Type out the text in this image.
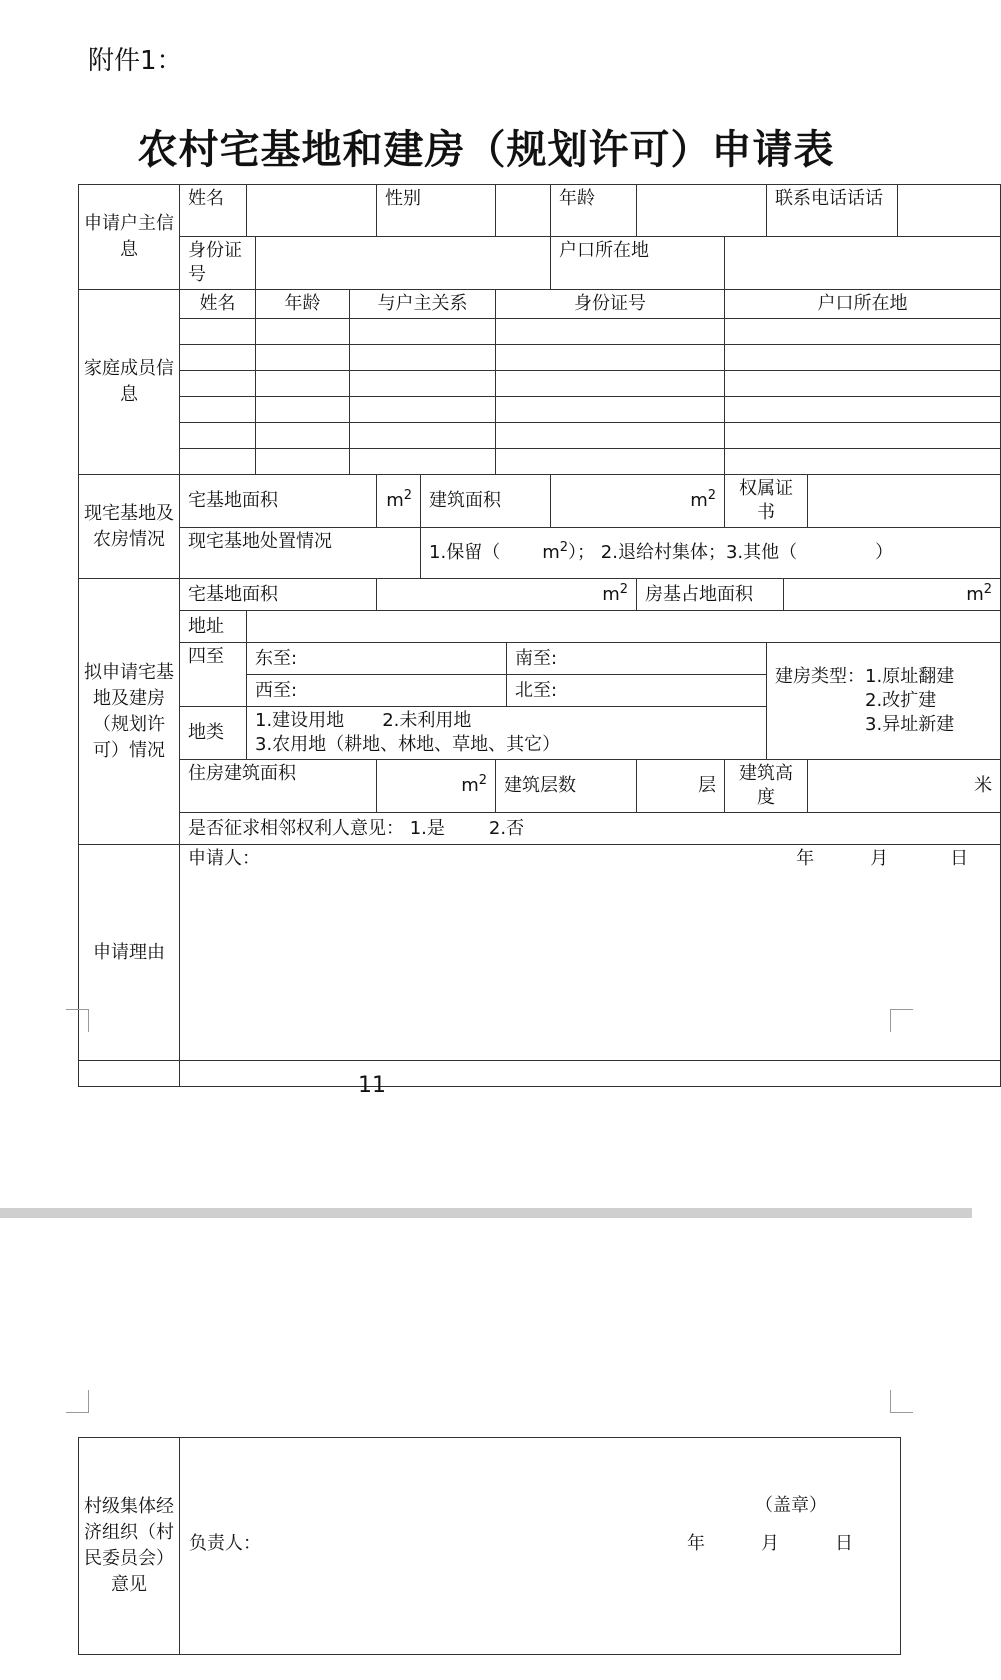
附件1：
农村宅基地和建房（规划许可）申请表
申请户主信息	姓名				性别				年龄			联系电话话话			
	身份证号								户口所在地						
家庭成员信息	姓名		年龄	与户主关系			身份证号				户口所在地				

现宅基地及农房情况	宅基地面积				$m^2$	建筑面积			$m^2$		权属证书				
	现宅基地处置情况					1.保留（ $m^2$）； 2.退给村集体；3.其他（ ）									
拟申请宅基地及建房（规划许可）情况	宅基地面积				$m^2$					房基占地面积			$m^2$
	地址														
	四至	东至:						南至:				建房类型： 1.原址翻建
2.改扩建
3.异址新建			

		西至:						北至:							
	地类	1.建设用地 2.未利用地
3.农用地（耕地、林地、草地、其它）													

	住房建筑面积				$m^2$		建筑层数			层	建筑高度			米	
	是否征求相邻权利人意见： 1.是 2.否														
申请理由	申请人： 年 月 日														

11
村级集体经济组织（村民委员会）意见	
（盖章）
负责人：	年	月	日
